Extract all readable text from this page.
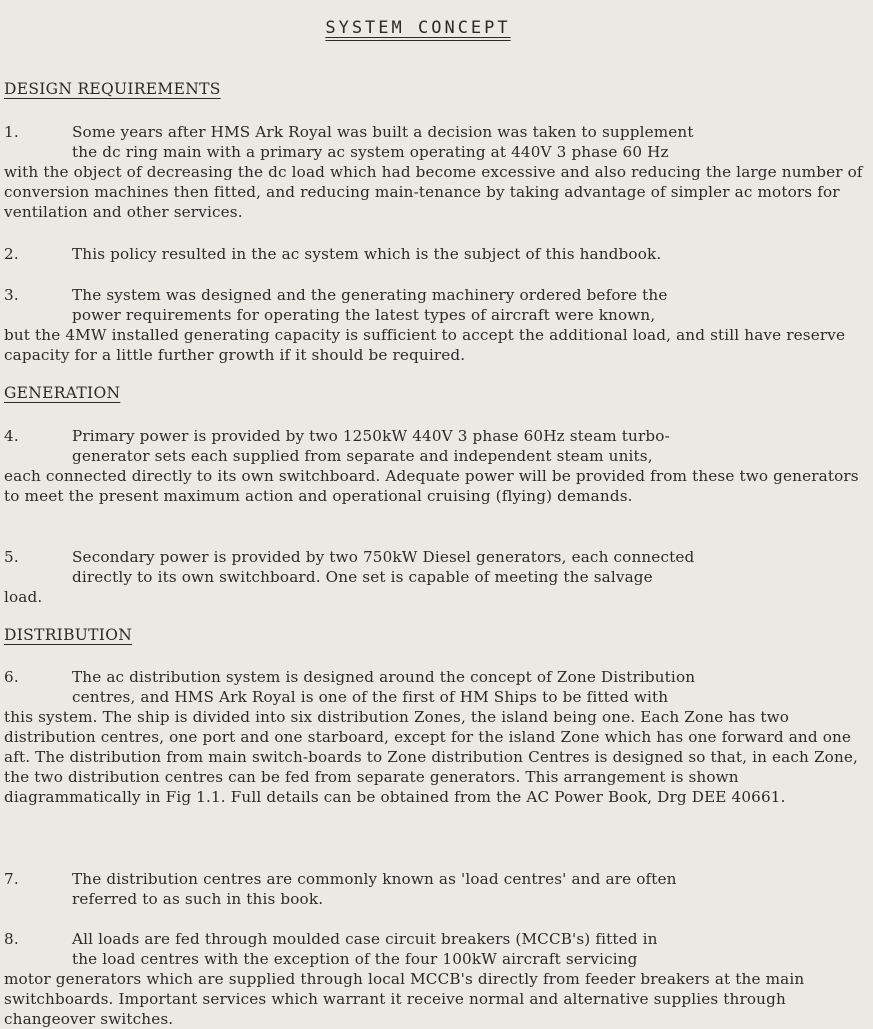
SYSTEM CONCEPT
DESIGN REQUIREMENTS

1.	Some years after HMS Ark Royal was built a decision was taken to supplement

the dc ring main with a primary ac system operating at 440V 3 phase 60 Hz

with the object of decreasing the dc load which had become excessive and also reducing the large number of conversion machines then fitted, and reducing main-tenance by taking advantage of simpler ac motors for ventilation and other services.

2.	This policy resulted in the ac system which is the subject of this handbook.

3.	The system was designed and the generating machinery ordered before the

power requirements for operating the latest types of aircraft were known,

but the 4MW installed generating capacity is sufficient to accept the additional load, and still have reserve capacity for a little further growth if it should be required.

GENERATION

4.	Primary power is provided by two 1250kW 440V 3 phase 60Hz steam turbo-

generator sets each supplied from separate and independent steam units,

each connected directly to its own switchboard. Adequate power will be provided from these two generators to meet the present maximum action and operational cruising (flying) demands.

5.	Secondary power is provided by two 750kW Diesel generators, each connected

directly to its own switchboard. One set is capable of meeting the salvage

load.

DISTRIBUTION

6.	The ac distribution system is designed around the concept of Zone Distribution

centres, and HMS Ark Royal is one of the first of HM Ships to be fitted with

this system. The ship is divided into six distribution Zones, the island being one. Each Zone has two distribution centres, one port and one starboard, except for the island Zone which has one forward and one aft. The distribution from main switch-boards to Zone distribution Centres is designed so that, in each Zone, the two distribution centres can be fed from separate generators. This arrangement is shown diagrammatically in Fig 1.1. Full details can be obtained from the AC Power Book, Drg DEE 40661.

7.	The distribution centres are commonly known as 'load centres' and are often

referred to as such in this book.

8.	All loads are fed through moulded case circuit breakers (MCCB's) fitted in

the load centres with the exception of the four 100kW aircraft servicing

motor generators which are supplied through local MCCB's directly from feeder breakers at the main switchboards. Important services which warrant it receive normal and alternative supplies through changeover switches.
